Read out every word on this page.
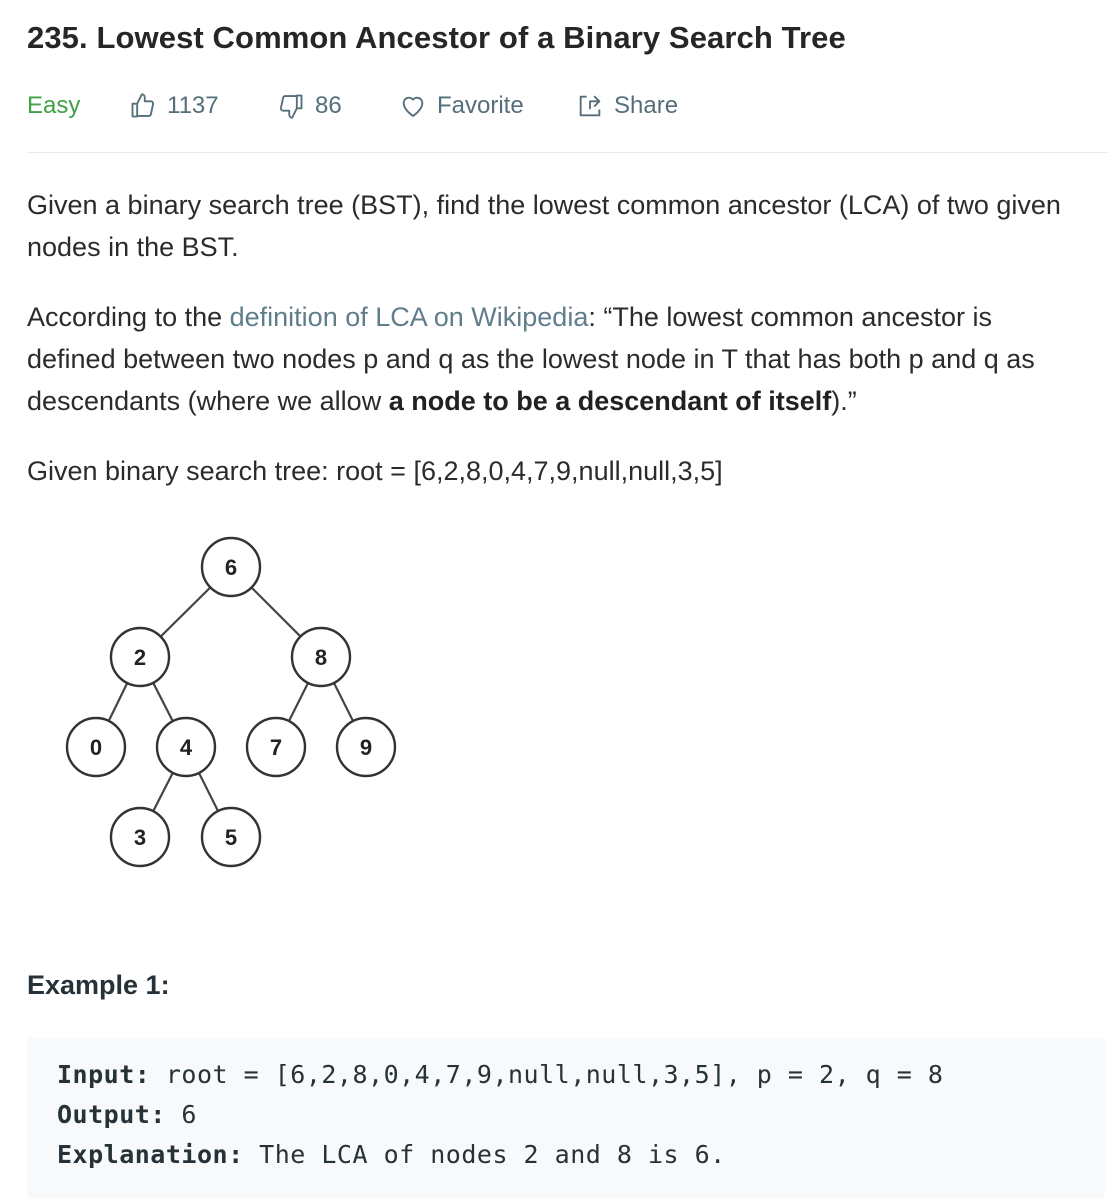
235. Lowest Common Ancestor of a Binary Search Tree
Easy	1137	86	Favorite	Share

Given a binary search tree (BST), find the lowest common ancestor (LCA) of two given nodes in the BST.

According to the definition of LCA on Wikipedia: “The lowest common ancestor is defined between two nodes p and q as the lowest node in T that has both p and q as descendants (where we allow a node to be a descendant of itself).”

Given binary search tree: root = [6,2,8,0,4,7,9,null,null,3,5]

6
2	8
0	4	7	9
3	5
Example 1:
Input: root = [6,2,8,0,4,7,9,null,null,3,5], p = 2, q = 8
Output: 6
Explanation: The LCA of nodes 2 and 8 is 6.
